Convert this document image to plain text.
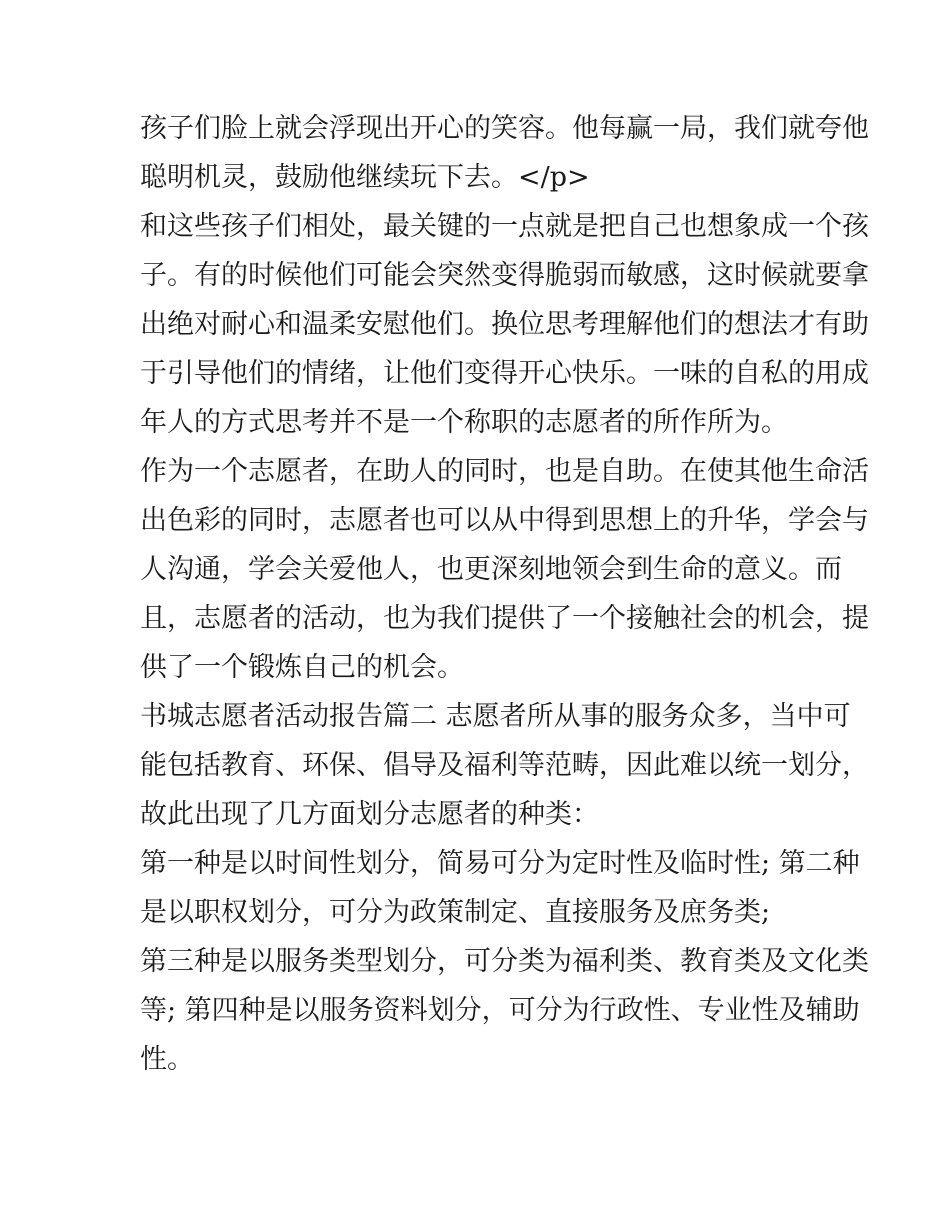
孩子们脸上就会浮现出开心的笑容。他每赢一局，我们就夸他
聪明机灵，鼓励他继续玩下去。</p>
和这些孩子们相处，最关键的一点就是把自己也想象成一个孩
子。有的时候他们可能会突然变得脆弱而敏感，这时候就要拿
出绝对耐心和温柔安慰他们。换位思考理解他们的想法才有助
于引导他们的情绪，让他们变得开心快乐。一味的自私的用成
年人的方式思考并不是一个称职的志愿者的所作所为。
作为一个志愿者，在助人的同时，也是自助。在使其他生命活
出色彩的同时，志愿者也可以从中得到思想上的升华，学会与
人沟通，学会关爱他人，也更深刻地领会到生命的意义。而
且，志愿者的活动，也为我们提供了一个接触社会的机会，提
供了一个锻炼自己的机会。
书城志愿者活动报告篇二 志愿者所从事的服务众多，当中可
能包括教育、环保、倡导及福利等范畴，因此难以统一划分，
故此出现了几方面划分志愿者的种类：
第一种是以时间性划分，简易可分为定时性及临时性; 第二种
是以职权划分，可分为政策制定、直接服务及庶务类;
第三种是以服务类型划分，可分类为福利类、教育类及文化类
等; 第四种是以服务资料划分，可分为行政性、专业性及辅助
性。
